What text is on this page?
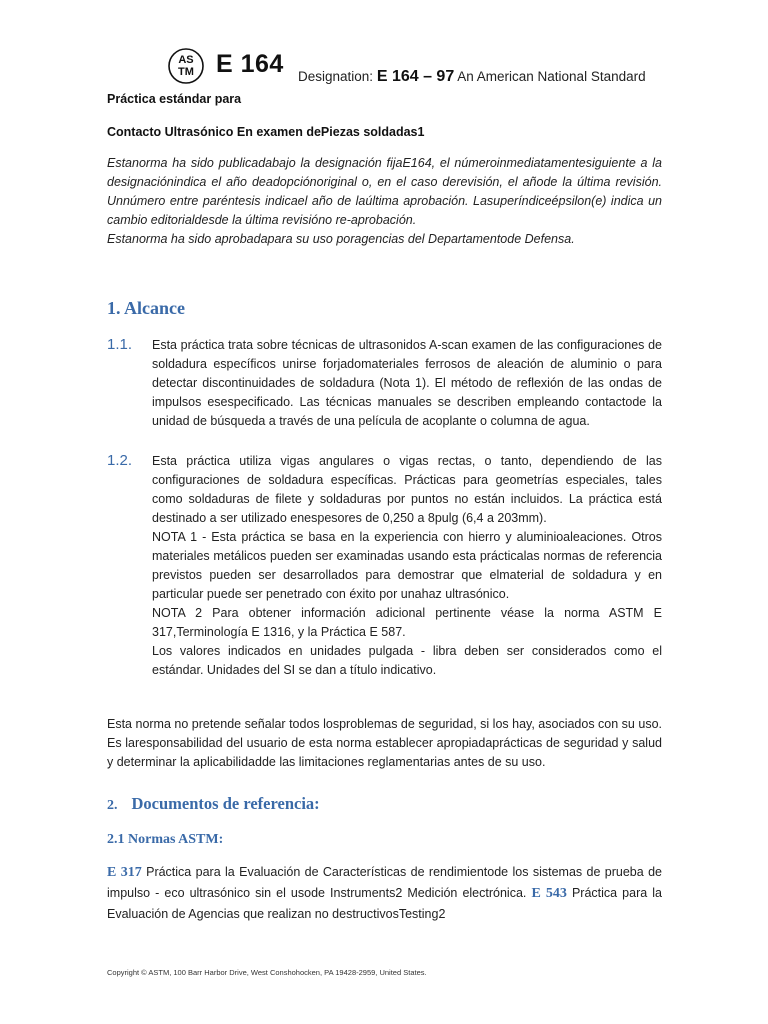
AS
TM E 164 Designation: E 164 – 97 An American National Standard
Práctica estándar para
Contacto Ultrasónico En examen dePiezas soldadas1

Estanorma ha sido publicadabajo la designación fijaE164, el númeroinmediatamentesiguiente a la designaciónindica el año deadopciónoriginal o, en el caso derevisión, el añode la última revisión. Unnúmero entre paréntesis indicael año de laúltima aprobación. Lasuperíndiceépsilon(e) indica un cambio editorialdesde la última revisióno re-aprobación.

Estanorma ha sido aprobadapara su uso poragencias del Departamentode Defensa.

1. Alcance
1.1. Esta práctica trata sobre técnicas de ultrasonidos A-scan examen de las configuraciones de soldadura específicos unirse forjadomateriales ferrosos de aleación de aluminio o para detectar discontinuidades de soldadura (Nota 1). El método de reflexión de las ondas de impulsos esespecificado. Las técnicas manuales se describen empleando contactode la unidad de búsqueda a través de una película de acoplante o columna de agua.

1.2. Esta práctica utiliza vigas angulares o vigas rectas, o tanto, dependiendo de las configuraciones de soldadura específicas. Prácticas para geometrías especiales, tales como soldaduras de filete y soldaduras por puntos no están incluidos. La práctica está destinado a ser utilizado enespesores de 0,250 a 8pulg (6,4 a 203mm).

NOTA 1 - Esta práctica se basa en la experiencia con hierro y aluminioaleaciones. Otros materiales metálicos pueden ser examinadas usando esta prácticalas normas de referencia previstos pueden ser desarrollados para demostrar que elmaterial de soldadura y en particular puede ser penetrado con éxito por unahaz ultrasónico.

NOTA 2 Para obtener información adicional pertinente véase la norma ASTM E 317,Terminología E 1316, y la Práctica E 587.

Los valores indicados en unidades pulgada - libra deben ser considerados como el estándar. Unidades del SI se dan a título indicativo.

Esta norma no pretende señalar todos losproblemas de seguridad, si los hay, asociados con su uso. Es laresponsabilidad del usuario de esta norma establecer apropiadaprácticas de seguridad y salud y determinar la aplicabilidadde las limitaciones reglamentarias antes de su uso.

2. Documentos de referencia:
2.1 Normas ASTM:

E 317 Práctica para la Evaluación de Características de rendimientode los sistemas de prueba de impulso - eco ultrasónico sin el usode Instruments2 Medición electrónica. E 543 Práctica para la Evaluación de Agencias que realizan no destructivosTesting2

Copyright © ASTM, 100 Barr Harbor Drive, West Conshohocken, PA 19428-2959, United States.
